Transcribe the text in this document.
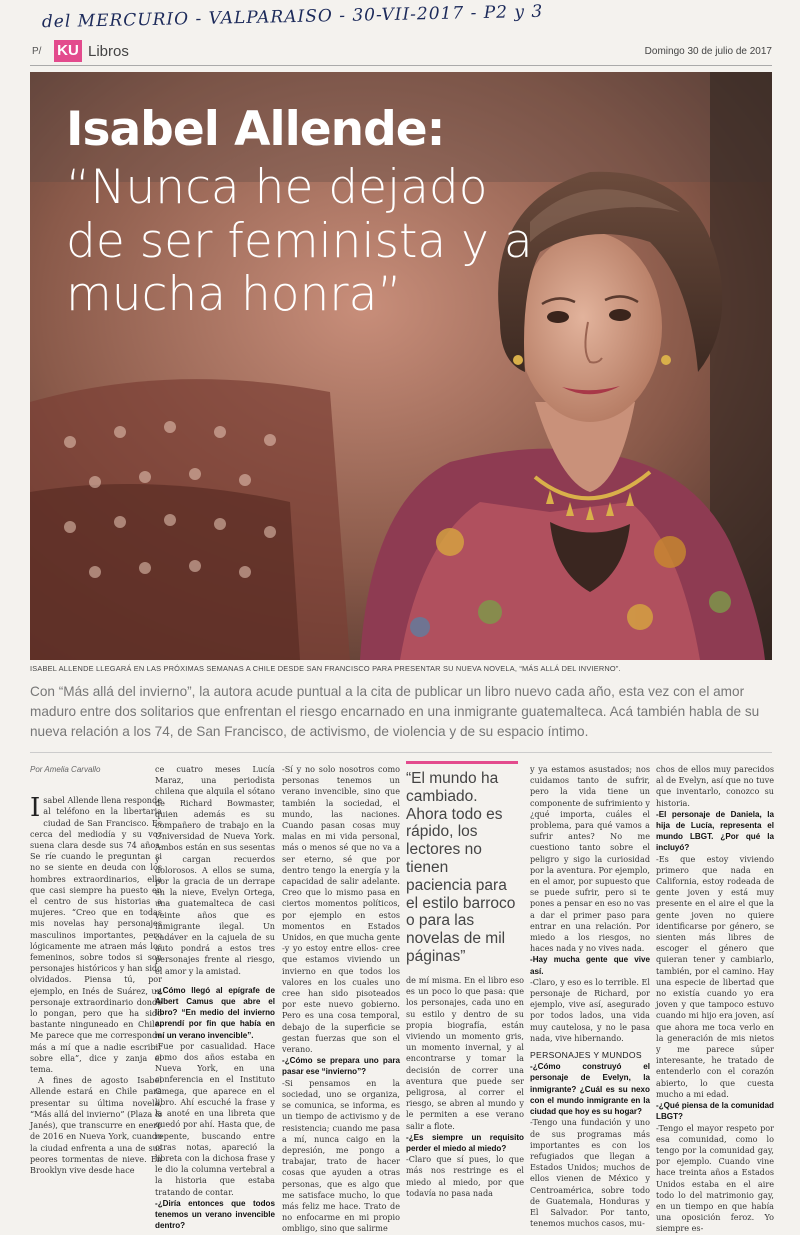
del MERCURIO - VALPARAISO - 30-VII-2017 - P2 y 3
P/ KU Libros	Domingo 30 de julio de 2017
Isabel Allende:
“Nunca he dejado de ser feminista y a mucha honra”
ISABEL ALLENDE LLEGARÁ EN LAS PRÓXIMAS SEMANAS A CHILE DESDE SAN FRANCISCO PARA PRESENTAR SU NUEVA NOVELA, “MÁS ALLÁ DEL INVIERNO”.
Con “Más allá del invierno”, la autora acude puntual a la cita de publicar un libro nuevo cada año, esta vez con el amor maduro entre dos solitarios que enfrentan el riesgo encarnado en una inmigrante guatemalteca. Acá también habla de su nueva relación a los 74, de San Francisco, de activismo, de violencia y de su espacio íntimo.
Por Amelia Carvallo

Isabel Allende llena responde al teléfono en la libertaria ciudad de San Francisco. Es cerca del mediodía y su voz suena clara desde sus 74 años. Se ríe cuando le preguntan si no se siente en deuda con los hombres extraordinarios, ella que casi siempre ha puesto en el centro de sus historias a mujeres. “Creo que en todas mis novelas hay personajes masculinos importantes, pero lógicamente me atraen más los femeninos, sobre todos si son personajes históricos y han sido olvidados. Piensa tú, por ejemplo, en Inés de Suárez, un personaje extraordinario donde lo pongan, pero que ha sido bastante ninguneado en Chile. Me parece que me corresponde más a mí que a nadie escribir sobre ella”, dice y zanja el tema.

A fines de agosto Isabel Allende estará en Chile para presentar su última novela, “Más allá del invierno” (Plaza & Janés), que transcurre en enero de 2016 en Nueva York, cuando la ciudad enfrenta a una de sus peores tormentas de nieve. En Brooklyn vive desde hace

ce cuatro meses Lucía Maraz, una periodista chilena que alquila el sótano de Richard Bowmaster, quien además es su compañero de trabajo en la Universidad de Nueva York. Ambos están en sus sesentas y cargan recuerdos dolorosos. A ellos se suma, por la gracia de un derrape en la nieve, Evelyn Ortega, una guatemalteca de casi veinte años que es inmigrante ilegal. Un cadáver en la cajuela de su auto pondrá a estos tres personajes frente al riesgo, el amor y la amistad.

-¿Cómo llegó al epígrafe de Albert Camus que abre el libro? “En medio del invierno aprendí por fin que había en mí un verano invencible”.

-Fue por casualidad. Hace como dos años estaba en Nueva York, en una conferencia en el Instituto Omega, que aparece en el libro. Ahí escuché la frase y la anoté en una libreta que quedó por ahí. Hasta que, de repente, buscando entre otras notas, apareció la libreta con la dichosa frase y le dio la columna vertebral a la historia que estaba tratando de contar.

-¿Diría entonces que todos tenemos un verano invencible dentro?

-Sí y no solo nosotros como personas tenemos un verano invencible, sino que también la sociedad, el mundo, las naciones. Cuando pasan cosas muy malas en mi vida personal, más o menos sé que no va a ser eterno, sé que por dentro tengo la energía y la capacidad de salir adelante. Creo que lo mismo pasa en ciertos momentos políticos, por ejemplo en estos momentos en Estados Unidos, en que mucha gente -y yo estoy entre ellos- cree que estamos viviendo un invierno en que todos los valores en los cuales uno cree han sido pisoteados por este nuevo gobierno. Pero es una cosa temporal, debajo de la superficie se gestan fuerzas que son el verano.

-¿Cómo se prepara uno para pasar ese “invierno”?

-Si pensamos en la sociedad, uno se organiza, se comunica, se informa, es un tiempo de activismo y de resistencia; cuando me pasa a mí, nunca caigo en la depresión, me pongo a trabajar, trato de hacer cosas que ayuden a otras personas, que es algo que me satisface mucho, lo que más feliz me hace. Trato de no enfocarme en mi propio ombligo, sino que salirme

“El mundo ha cambiado. Ahora todo es rápido, los lectores no tienen paciencia para el estilo barroco o para las novelas de mil páginas”

de mí misma. En el libro eso es un poco lo que pasa: que los personajes, cada uno en su estilo y dentro de su propia biografía, están viviendo un momento gris, un momento invernal, y al encontrarse y tomar la decisión de correr una aventura que puede ser peligrosa, al correr el riesgo, se abren al mundo y le permiten a ese verano salir a flote.

-¿Es siempre un requisito perder el miedo al miedo?

-Claro que sí pues, lo que más nos restringe es el miedo al miedo, por que todavía no pasa nada

y ya estamos asustados; nos cuidamos tanto de sufrir, pero la vida tiene un componente de sufrimiento y ¿qué importa, cuáles el problema, para qué vamos a sufrir antes? No me cuestiono tanto sobre el peligro y sigo la curiosidad por la aventura. Por ejemplo, en el amor, por supuesto que se puede sufrir, pero si te pones a pensar en eso no vas a dar el primer paso para entrar en una relación. Por miedo a los riesgos, no haces nada y no vives nada.

-Hay mucha gente que vive así.

-Claro, y eso es lo terrible. El personaje de Richard, por ejemplo, vive así, asegurado por todos lados, una vida muy cautelosa, y no le pasa nada, vive hibernando.

PERSONAJES Y MUNDOS

-¿Cómo construyó el personaje de Evelyn, la inmigrante? ¿Cuál es su nexo con el mundo inmigrante en la ciudad que hoy es su hogar?

-Tengo una fundación y uno de sus programas más importantes es con los refugiados que llegan a Estados Unidos; muchos de ellos vienen de México y Centroamérica, sobre todo de Guatemala, Honduras y El Salvador. Por tanto, tenemos muchos casos, mu-

chos de ellos muy parecidos al de Evelyn, así que no tuve que inventarlo, conozco su historia.

-El personaje de Daniela, la hija de Lucía, representa el mundo LBGT. ¿Por qué la incluyó?

-Es que estoy viviendo primero que nada en California, estoy rodeada de gente joven y está muy presente en el aire el que la gente joven no quiere identificarse por género, se sienten más libres de escoger el género que quieran tener y cambiarlo, también, por el camino. Hay una especie de libertad que no existía cuando yo era joven y que tampoco estuvo cuando mi hijo era joven, así que ahora me toca verlo en la generación de mis nietos y me parece súper interesante, he tratado de entenderlo con el corazón abierto, lo que cuesta mucho a mi edad.

-¿Qué piensa de la comunidad LBGT?

-Tengo el mayor respeto por esa comunidad, como lo tengo por la comunidad gay, por ejemplo. Cuando vine hace treinta años a Estados Unidos estaba en el aire todo lo del matrimonio gay, en un tiempo en que había una oposición feroz. Yo siempre es-
